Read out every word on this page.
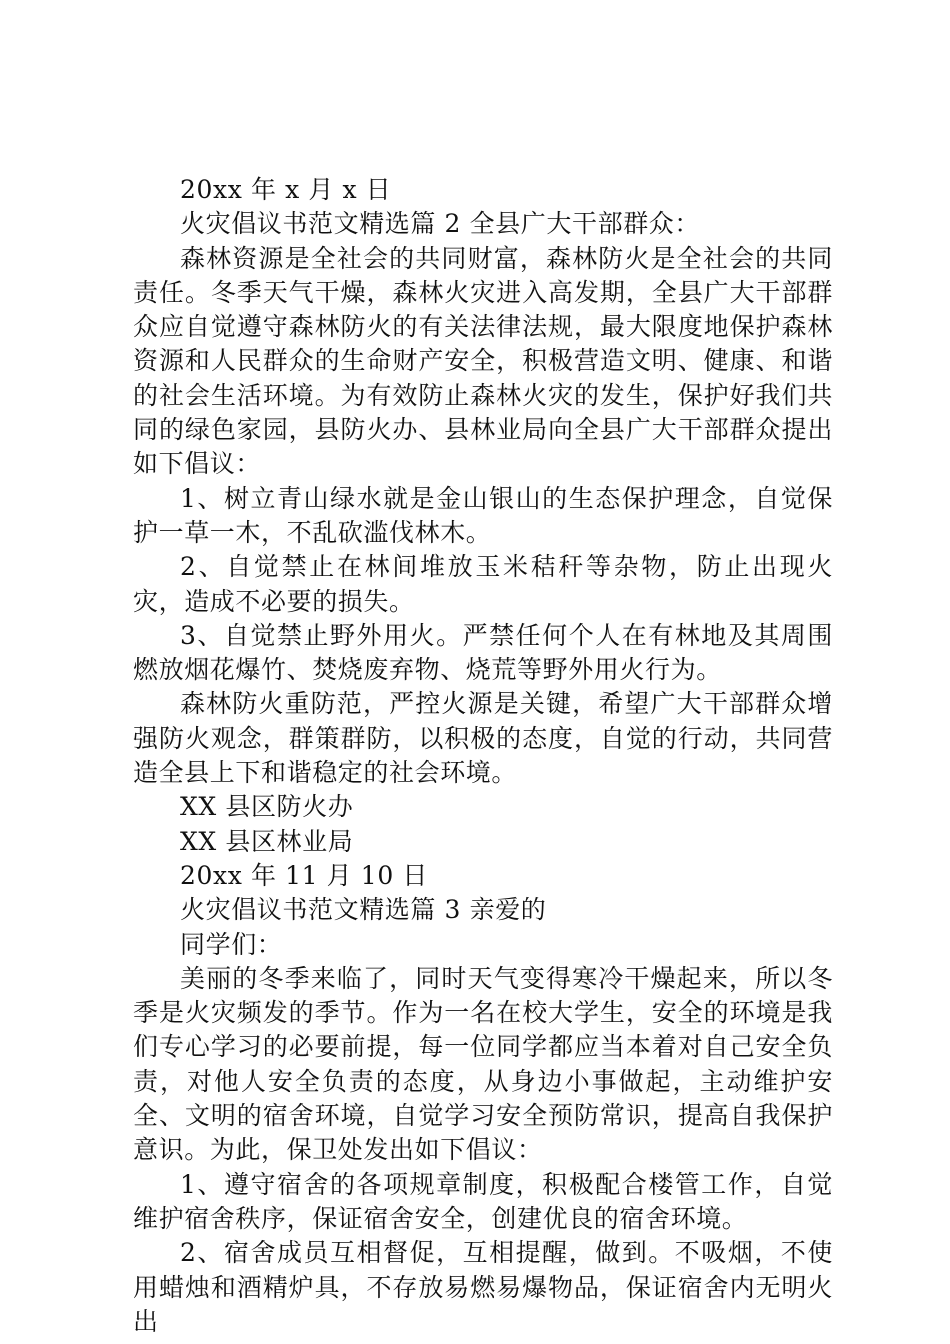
20xx 年 x 月 x 日

火灾倡议书范文精选篇 2 全县广大干部群众：

森林资源是全社会的共同财富，森林防火是全社会的共同责任。冬季天气干燥，森林火灾进入高发期，全县广大干部群众应自觉遵守森林防火的有关法律法规，最大限度地保护森林资源和人民群众的生命财产安全，积极营造文明、健康、和谐的社会生活环境。为有效防止森林火灾的发生，保护好我们共同的绿色家园，县防火办、县林业局向全县广大干部群众提出如下倡议：

1、树立青山绿水就是金山银山的生态保护理念，自觉保护一草一木，不乱砍滥伐林木。

2、自觉禁止在林间堆放玉米秸秆等杂物，防止出现火灾，造成不必要的损失。

3、自觉禁止野外用火。严禁任何个人在有林地及其周围燃放烟花爆竹、焚烧废弃物、烧荒等野外用火行为。

森林防火重防范，严控火源是关键，希望广大干部群众增强防火观念，群策群防，以积极的态度，自觉的行动，共同营造全县上下和谐稳定的社会环境。

XX 县区防火办

XX 县区林业局

20xx 年 11 月 10 日

火灾倡议书范文精选篇 3 亲爱的

同学们：

美丽的冬季来临了，同时天气变得寒冷干燥起来，所以冬季是火灾频发的季节。作为一名在校大学生，安全的环境是我们专心学习的必要前提，每一位同学都应当本着对自己安全负责，对他人安全负责的态度，从身边小事做起，主动维护安全、文明的宿舍环境，自觉学习安全预防常识，提高自我保护意识。为此，保卫处发出如下倡议：

1、遵守宿舍的各项规章制度，积极配合楼管工作，自觉维护宿舍秩序，保证宿舍安全，创建优良的宿舍环境。

2、宿舍成员互相督促，互相提醒，做到。不吸烟，不使用蜡烛和酒精炉具，不存放易燃易爆物品，保证宿舍内无明火出
